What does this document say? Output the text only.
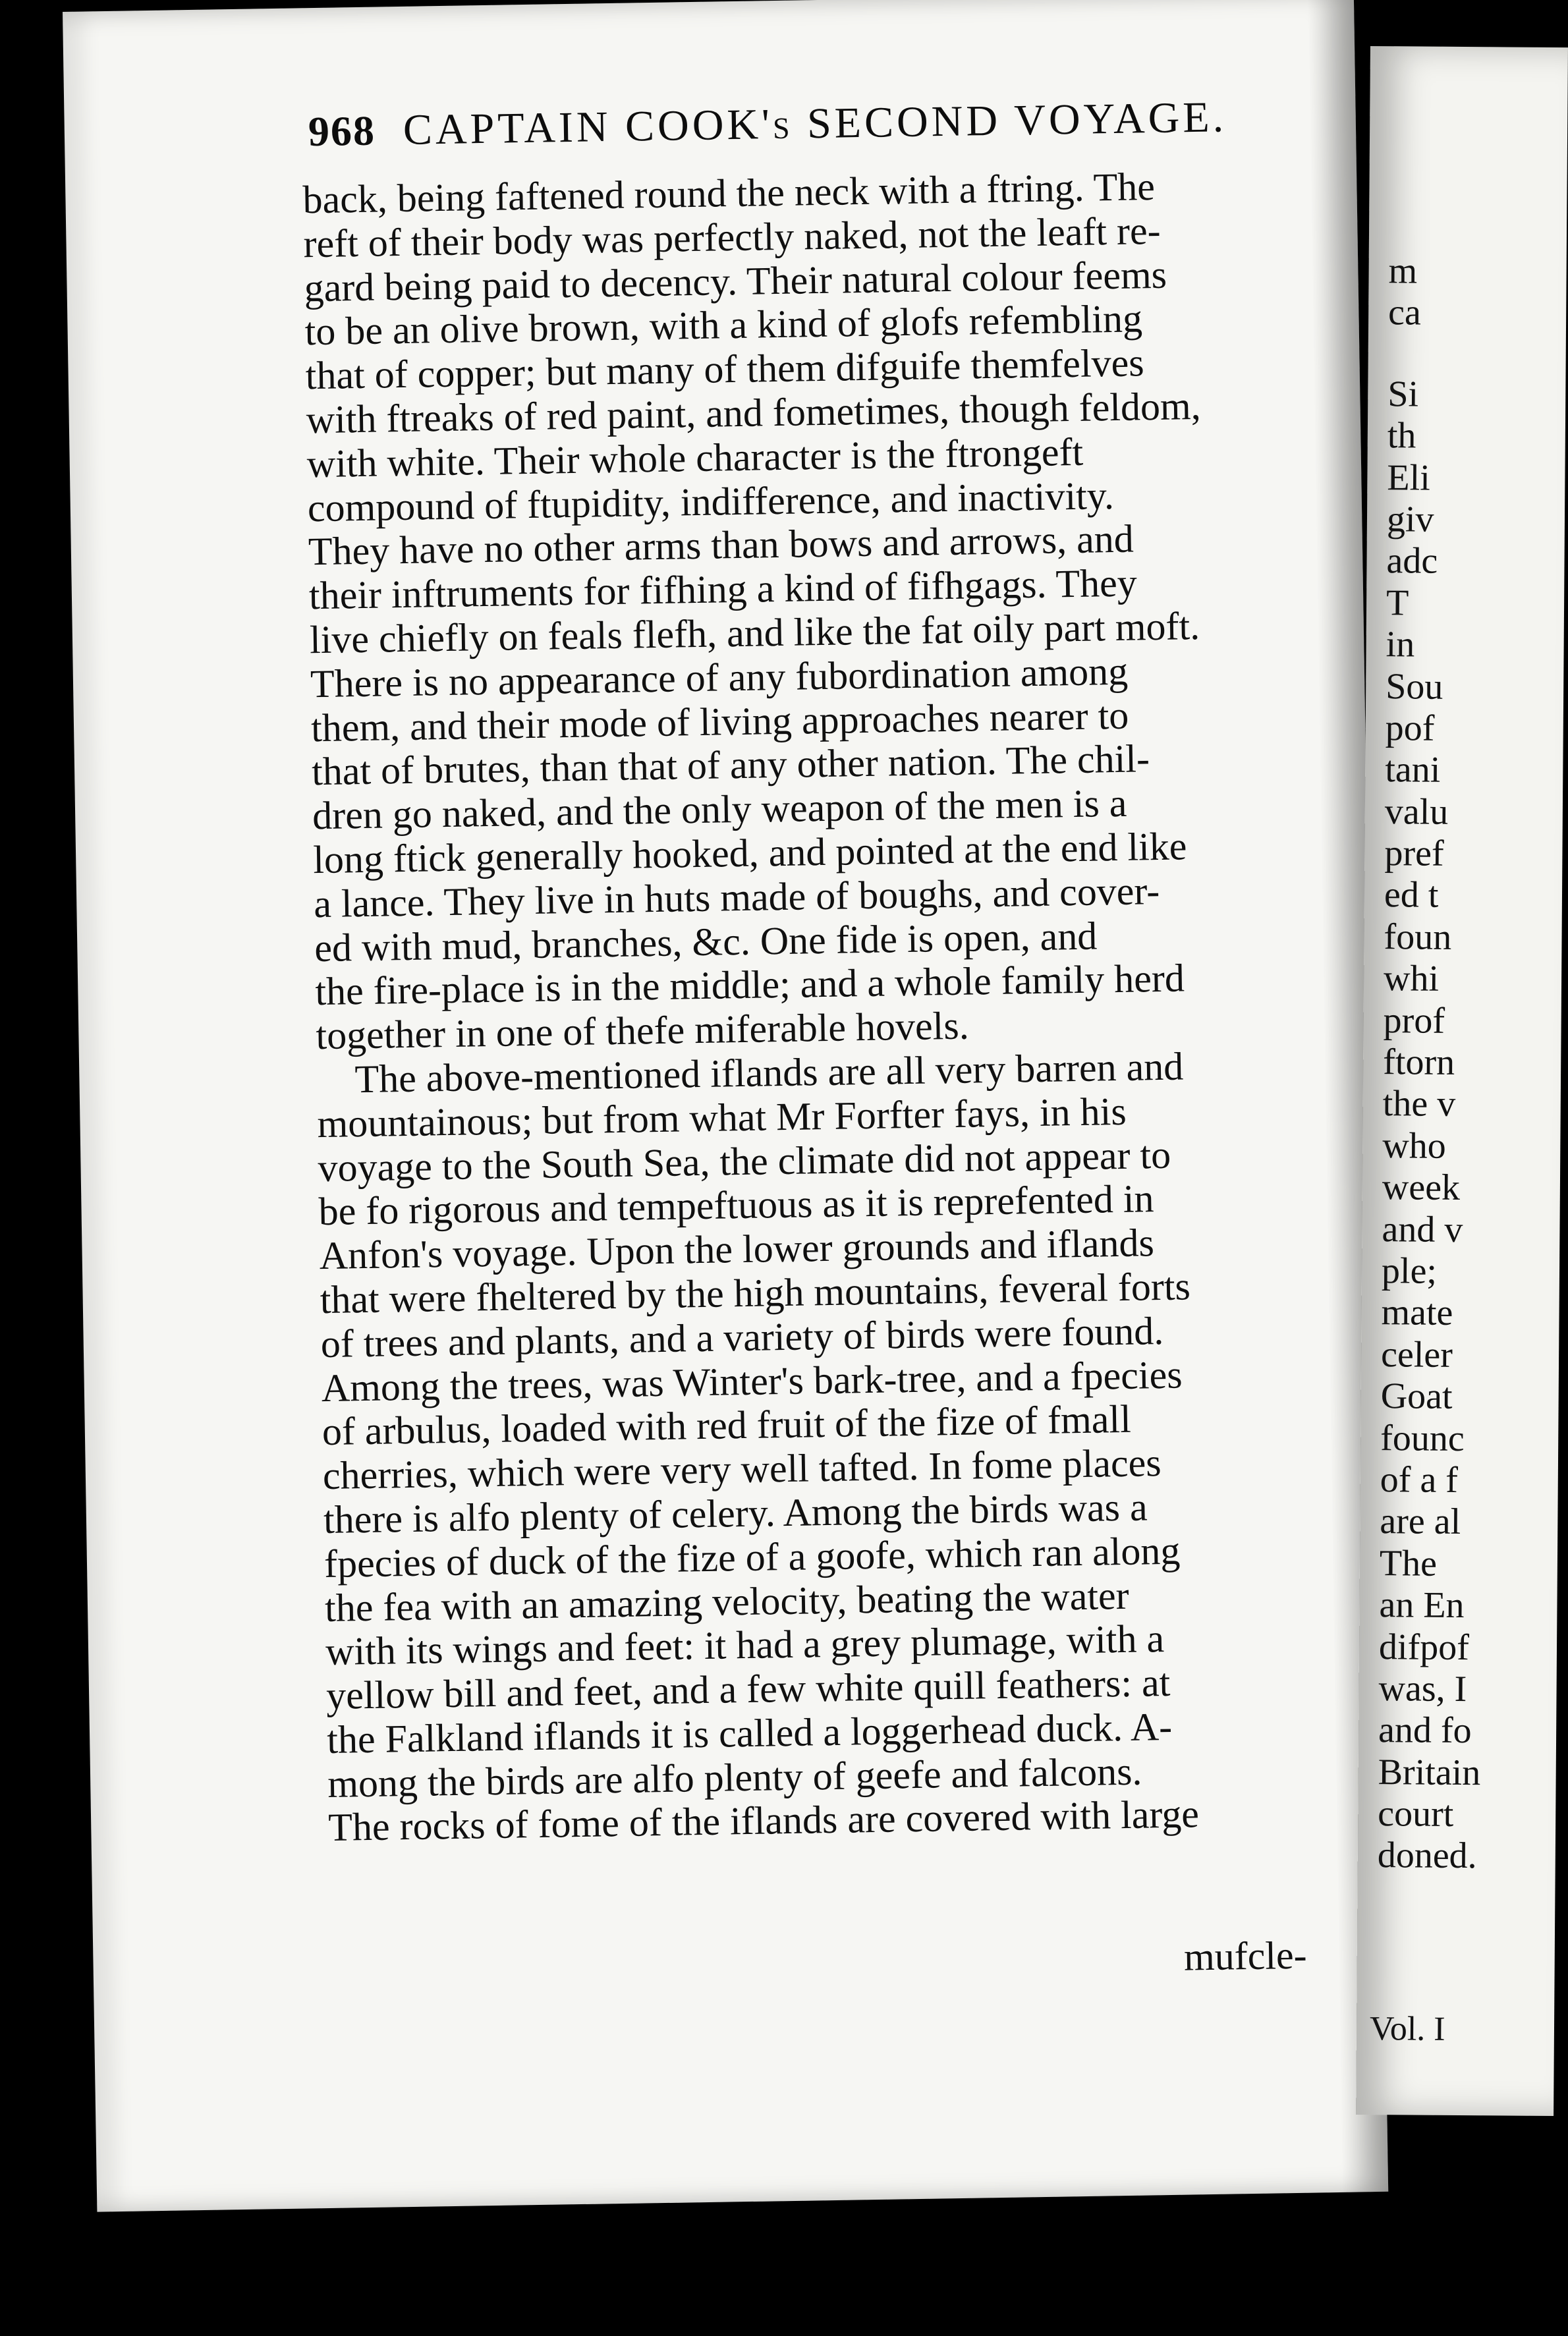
968 CAPTAIN COOK's SECOND VOYAGE.
back, being faftened round the neck with a ftring. The
reft of their body was perfectly naked, not the leaft re-
gard being paid to decency. Their natural colour feems
to be an olive brown, with a kind of glofs refembling
that of copper; but many of them difguife themfelves
with ftreaks of red paint, and fometimes, though feldom,
with white. Their whole character is the ftrongeft
compound of ftupidity, indifference, and inactivity.
They have no other arms than bows and arrows, and
their inftruments for fifhing a kind of fifhgags. They
live chiefly on feals flefh, and like the fat oily part moft.
There is no appearance of any fubordination among
them, and their mode of living approaches nearer to
that of brutes, than that of any other nation. The chil-
dren go naked, and the only weapon of the men is a
long ftick generally hooked, and pointed at the end like
a lance. They live in huts made of boughs, and cover-
ed with mud, branches, &c. One fide is open, and
the fire-place is in the middle; and a whole family herd
together in one of thefe miferable hovels.
The above-mentioned iflands are all very barren and
mountainous; but from what Mr Forfter fays, in his
voyage to the South Sea, the climate did not appear to
be fo rigorous and tempeftuous as it is reprefented in
Anfon's voyage. Upon the lower grounds and iflands
that were fheltered by the high mountains, feveral forts
of trees and plants, and a variety of birds were found.
Among the trees, was Winter's bark-tree, and a fpecies
of arbulus, loaded with red fruit of the fize of fmall
cherries, which were very well tafted. In fome places
there is alfo plenty of celery. Among the birds was a
fpecies of duck of the fize of a goofe, which ran along
the fea with an amazing velocity, beating the water
with its wings and feet: it had a grey plumage, with a
yellow bill and feet, and a few white quill feathers: at
the Falkland iflands it is called a loggerhead duck. A-
mong the birds are alfo plenty of geefe and falcons.
The rocks of fome of the iflands are covered with large
mufcle-
m
ca
Si
th
Eli
giv
adc
T
in
Sou
pof
tani
valu
pref
ed t
foun
whi
prof
ftorn
the v
who
week
and v
ple;
mate
celer
Goat
founc
of a f
are al
The
an En
difpof
was, I
and fo
Britain
court
doned.
Vol. I
